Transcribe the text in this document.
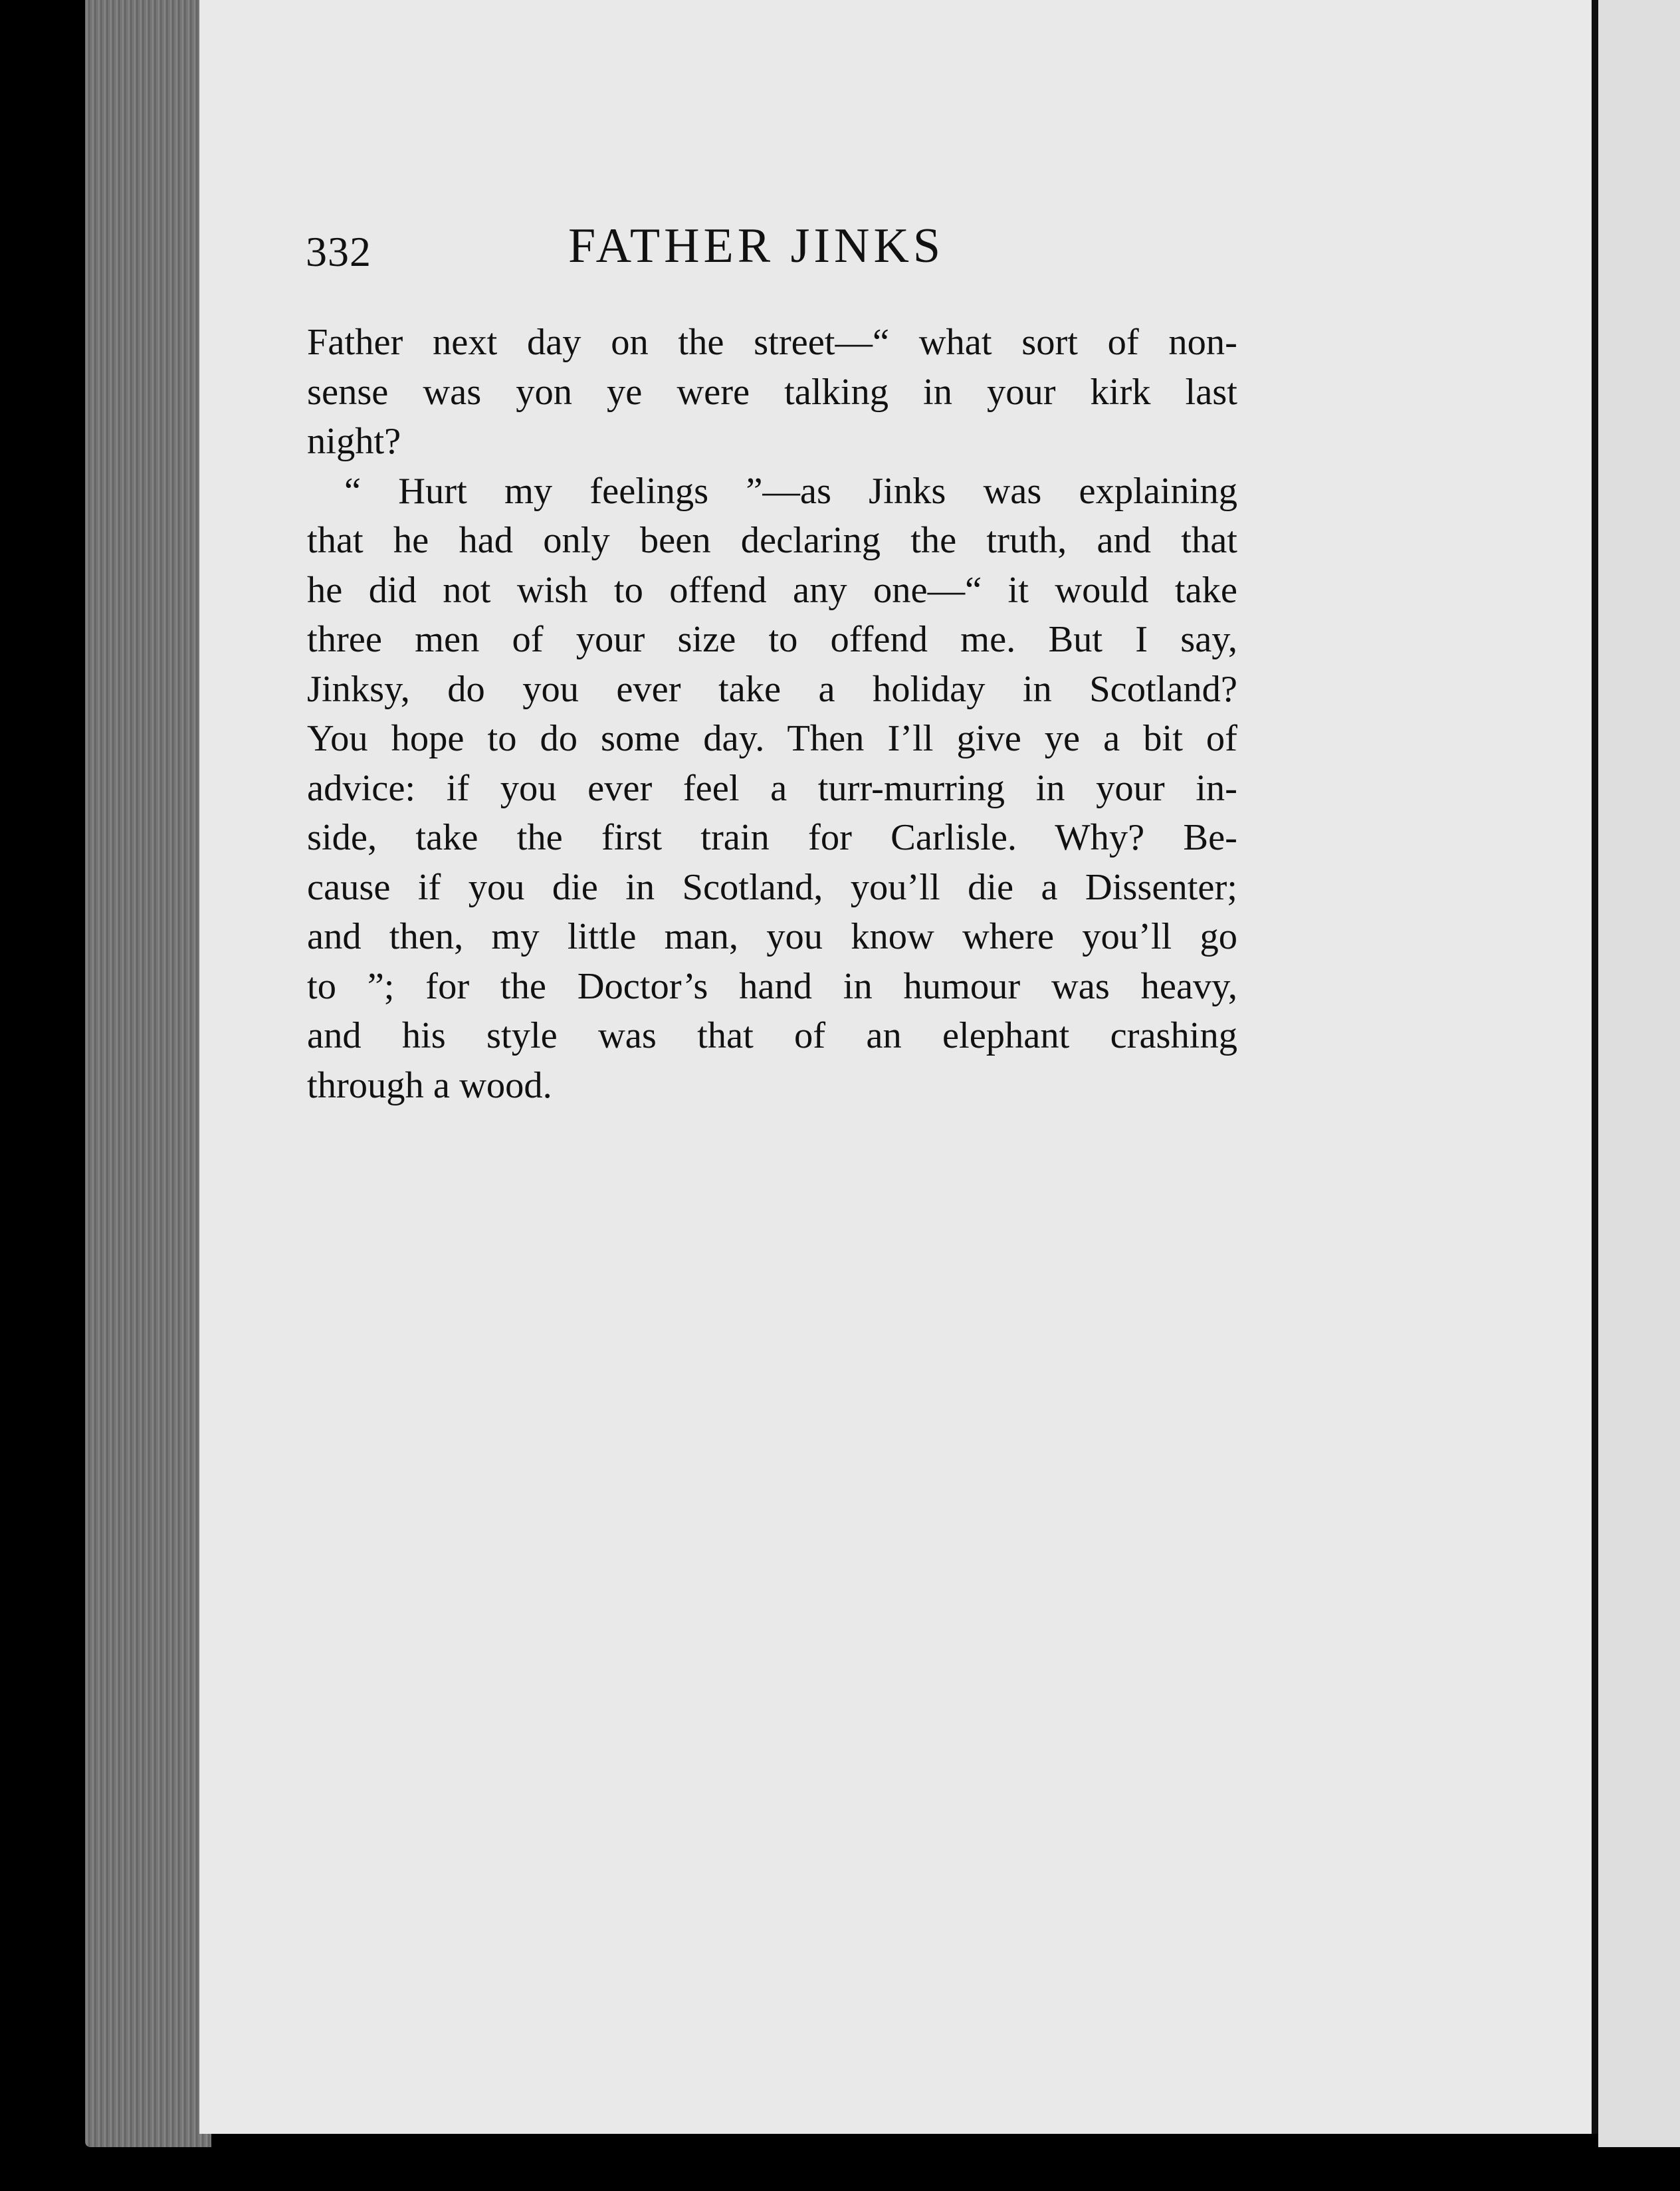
332	FATHER JINKS
Father next day on the street—“ what sort of non-
sense was yon ye were talking in your kirk last
night?
“ Hurt my feelings ”—as Jinks was explaining
that he had only been declaring the truth, and that
he did not wish to offend any one—“ it would take
three men of your size to offend me. But I say,
Jinksy, do you ever take a holiday in Scotland?
You hope to do some day. Then I’ll give ye a bit of
advice: if you ever feel a turr-murring in your in-
side, take the first train for Carlisle. Why? Be-
cause if you die in Scotland, you’ll die a Dissenter;
and then, my little man, you know where you’ll go
to ”; for the Doctor’s hand in humour was heavy,
and his style was that of an elephant crashing
through a wood.
